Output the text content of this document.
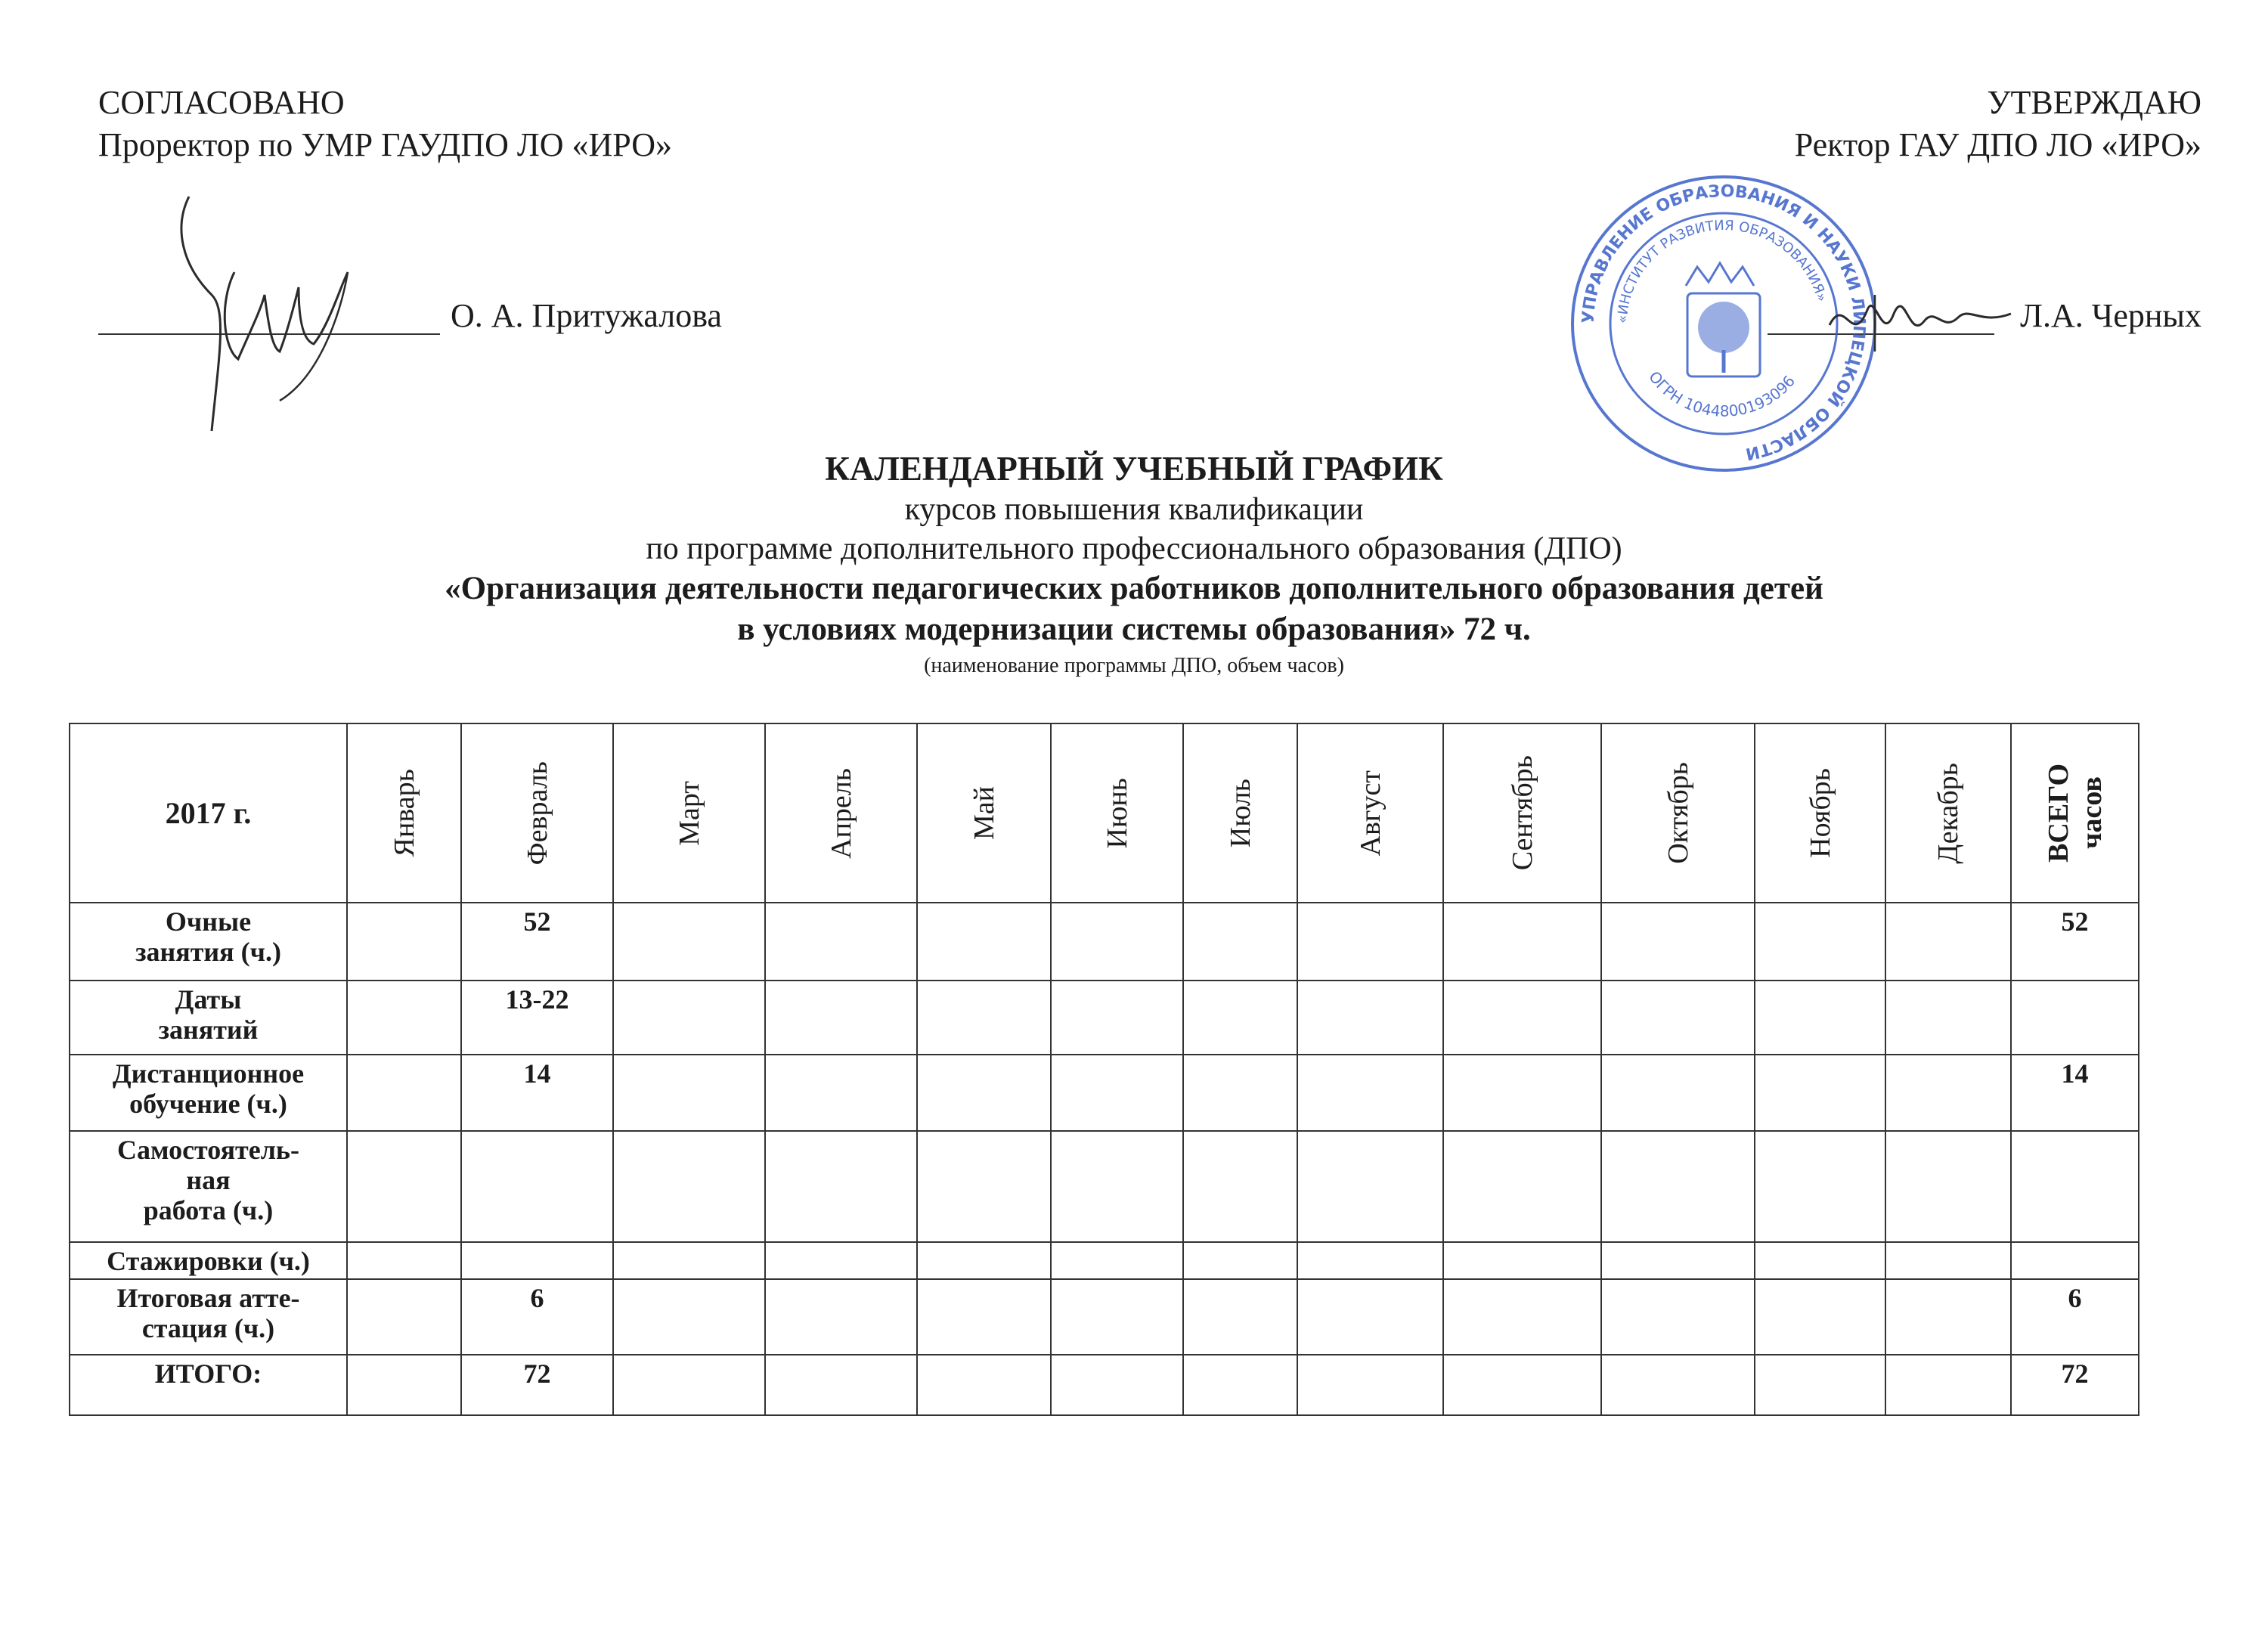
СОГЛАСОВАНО
Проректор по УМР ГАУДПО ЛО «ИРО»
О. А. Притужалова
УТВЕРЖДАЮ
Ректор ГАУ ДПО ЛО «ИРО»
Л.А. Черных
УПРАВЛЕНИЕ ОБРАЗОВАНИЯ И НАУКИ ЛИПЕЦКОЙ ОБЛАСТИ
«ИНСТИТУТ РАЗВИТИЯ ОБРАЗОВАНИЯ»
ОГРН 1044800193096
КАЛЕНДАРНЫЙ УЧЕБНЫЙ ГРАФИК
курсов повышения квалификации
по программе дополнительного профессионального образования (ДПО)
«Организация деятельности педагогических работников дополнительного образования детей
в условиях модернизации системы образования» 72 ч.
(наименование программы ДПО, объем часов)
2017 г.	Январь	Февраль	Март	Апрель	Май	Июнь	Июль	Август	Сентябрь	Октябрь	Ноябрь	Декабрь	ВСЕГО
часов

Очные
занятия (ч.)		52											52
Даты
занятий		13-22											
Дистанционное
обучение (ч.)		14											14
Самостоятель-
ная
работа (ч.)													
Стажировки (ч.)													
Итоговая атте-
стация (ч.)		6											6
ИТОГО:		72											72
